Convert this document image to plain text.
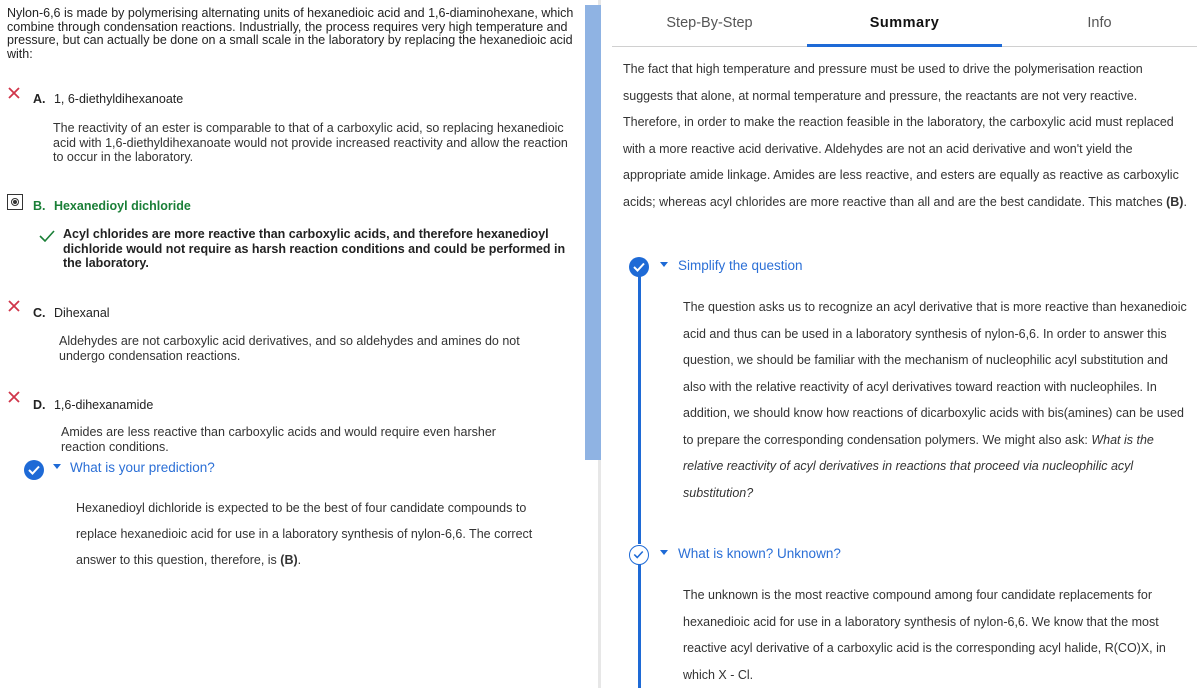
Nylon-6,6 is made by polymerising alternating units of hexanedioic acid and 1,6-diaminohexane, which combine through condensation reactions. Industrially, the process requires very high temperature and pressure, but can actually be done on a small scale in the laboratory by replacing the hexanedioic acid with:
A. 1, 6-diethyldihexanoate
The reactivity of an ester is comparable to that of a carboxylic acid, so replacing hexanedioic acid with 1,6-diethyldihexanoate would not provide increased reactivity and allow the reaction to occur in the laboratory.
B. Hexanedioyl dichloride
Acyl chlorides are more reactive than carboxylic acids, and therefore hexanedioyl dichloride would not require as harsh reaction conditions and could be performed in the laboratory.
C. Dihexanal
Aldehydes are not carboxylic acid derivatives, and so aldehydes and amines do not undergo condensation reactions.
D. 1,6-dihexanamide
Amides are less reactive than carboxylic acids and would require even harsher reaction conditions.
What is your prediction?
Hexanedioyl dichloride is expected to be the best of four candidate compounds to replace hexanedioic acid for use in a laboratory synthesis of nylon-6,6. The correct answer to this question, therefore, is (B).
Step-By-Step	Summary	Info
The fact that high temperature and pressure must be used to drive the polymerisation reaction suggests that alone, at normal temperature and pressure, the reactants are not very reactive. Therefore, in order to make the reaction feasible in the laboratory, the carboxylic acid must replaced with a more reactive acid derivative. Aldehydes are not an acid derivative and won't yield the appropriate amide linkage. Amides are less reactive, and esters are equally as reactive as carboxylic acids; whereas acyl chlorides are more reactive than all and are the best candidate. This matches (B).
Simplify the question
The question asks us to recognize an acyl derivative that is more reactive than hexanedioic acid and thus can be used in a laboratory synthesis of nylon-6,6. In order to answer this question, we should be familiar with the mechanism of nucleophilic acyl substitution and also with the relative reactivity of acyl derivatives toward reaction with nucleophiles. In addition, we should know how reactions of dicarboxylic acids with bis(amines) can be used to prepare the corresponding condensation polymers. We might also ask: What is the relative reactivity of acyl derivatives in reactions that proceed via nucleophilic acyl substitution?
What is known? Unknown?
The unknown is the most reactive compound among four candidate replacements for hexanedioic acid for use in a laboratory synthesis of nylon-6,6. We know that the most reactive acyl derivative of a carboxylic acid is the corresponding acyl halide, R(CO)X, in which X - Cl.
